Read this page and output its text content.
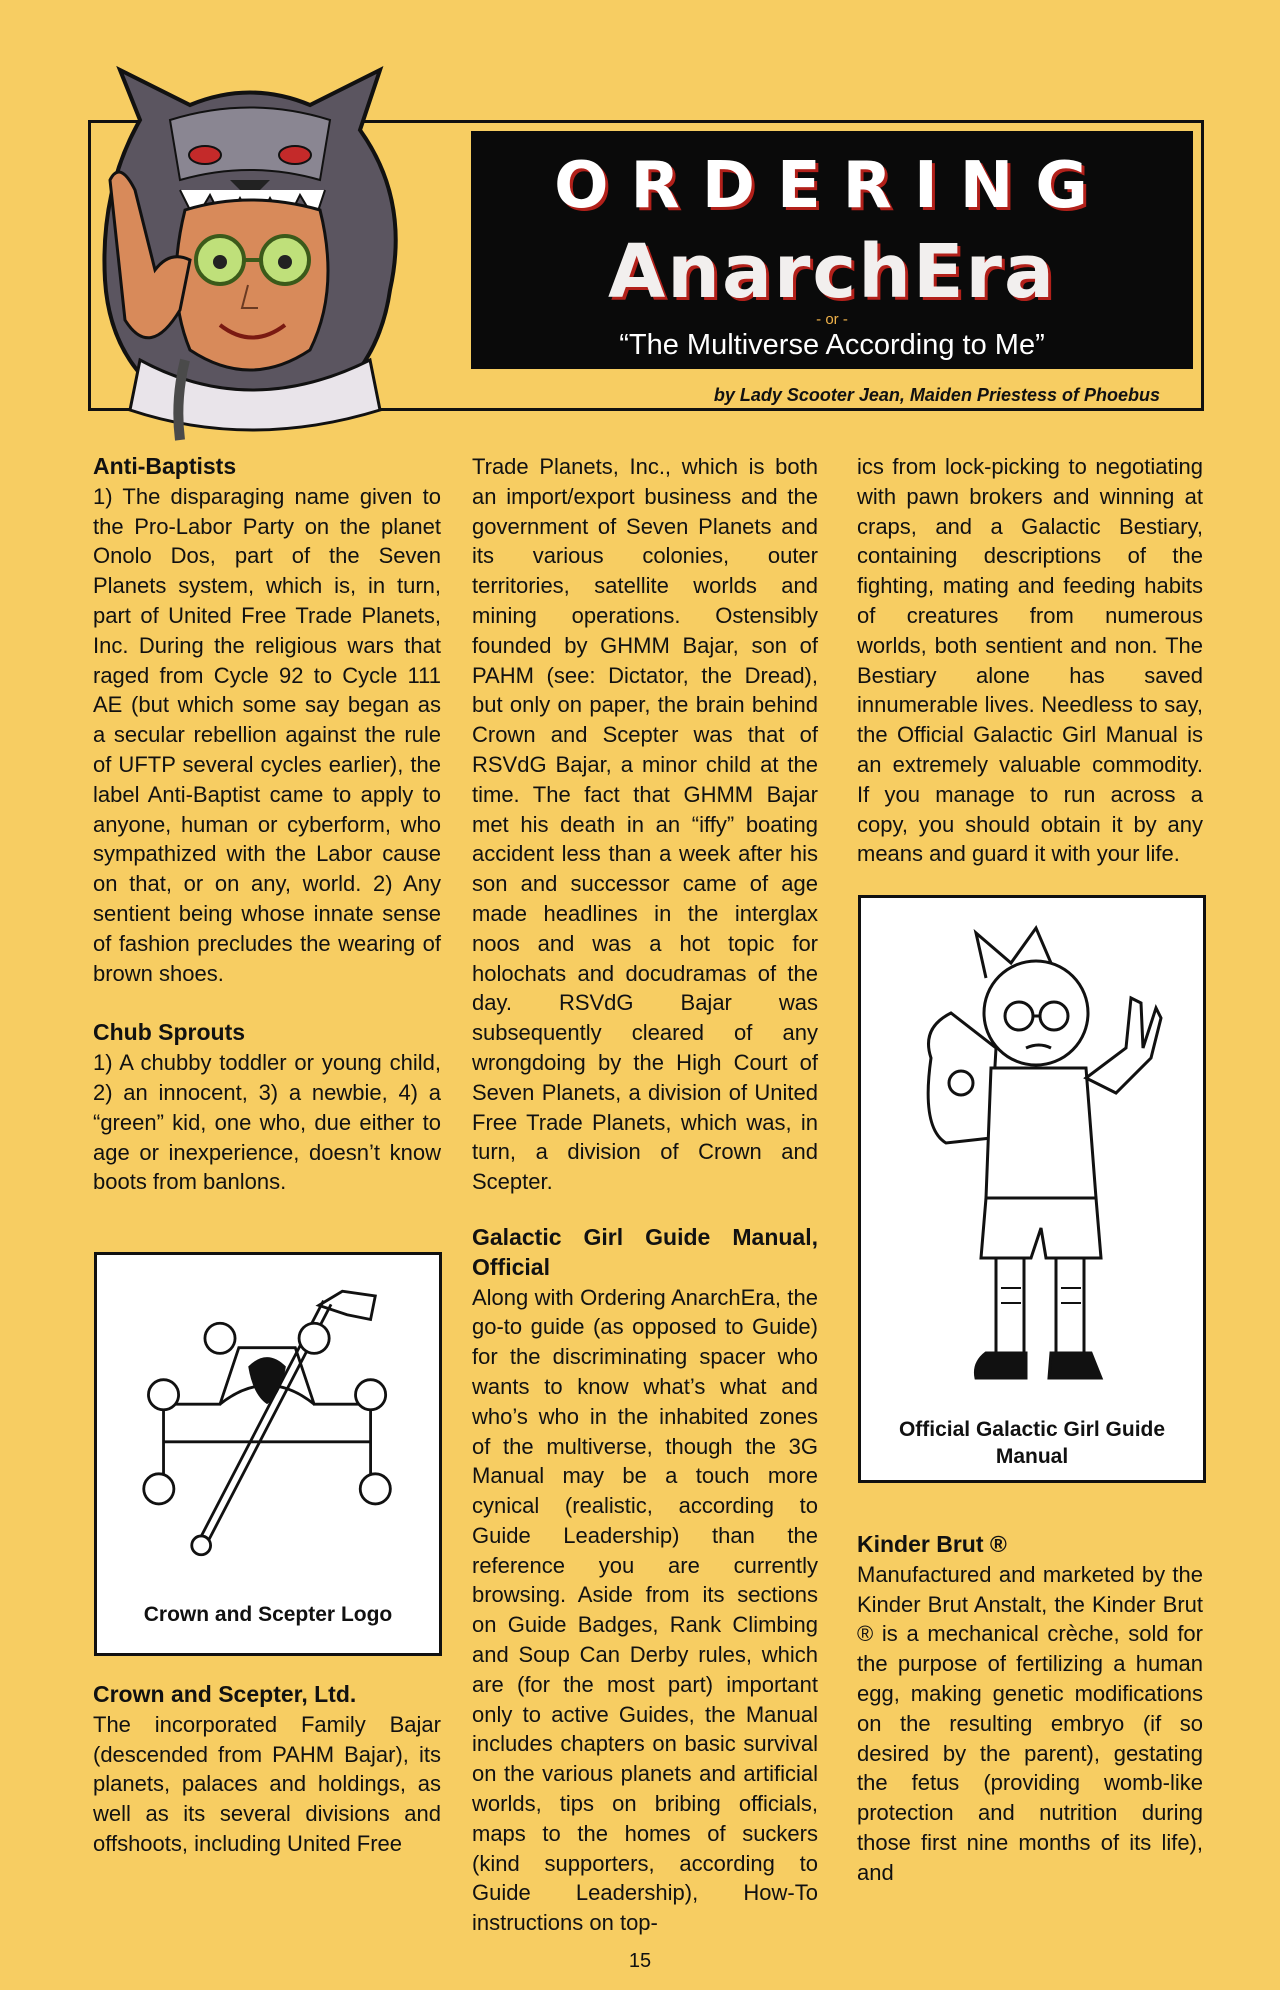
ORDERING
AnarchEra
- or -
“The Multiverse According to Me”
by Lady Scooter Jean, Maiden Priestess of Phoebus
Anti-Baptists

1) The disparaging name given to the Pro-Labor Party on the planet Onolo Dos, part of the Seven Planets system, which is, in turn, part of United Free Trade Planets, Inc. During the religious wars that raged from Cycle 92 to Cycle 111 AE (but which some say began as a secular rebellion against the rule of UFTP several cycles earlier), the label Anti-Baptist came to apply to anyone, human or cyberform, who sympathized with the Labor cause on that, or on any, world. 2) Any sentient being whose innate sense of fashion precludes the wearing of brown shoes.

Chub Sprouts

1) A chubby toddler or young child, 2) an innocent, 3) a newbie, 4) a “green” kid, one who, due either to age or inexperience, doesn’t know boots from banlons.

Crown and Scepter Logo
Crown and Scepter, Ltd.

The incorporated Family Bajar (descended from PAHM Bajar), its planets, palaces and holdings, as well as its several divisions and offshoots, including United Free

Trade Planets, Inc., which is both an import/export business and the government of Seven Planets and its various colonies, outer territories, satellite worlds and mining operations. Ostensibly founded by GHMM Bajar, son of PAHM (see: Dictator, the Dread), but only on paper, the brain behind Crown and Scepter was that of RSVdG Bajar, a minor child at the time. The fact that GHMM Bajar met his death in an “iffy” boating accident less than a week after his son and successor came of age made headlines in the interglax noos and was a hot topic for holochats and docudramas of the day. RSVdG Bajar was subsequently cleared of any wrongdoing by the High Court of Seven Planets, a division of United Free Trade Planets, which was, in turn, a division of Crown and Scepter.

Galactic Girl Guide Manual, Official

Along with Ordering AnarchEra, the go-to guide (as opposed to Guide) for the discriminating spacer who wants to know what’s what and who’s who in the inhabited zones of the multiverse, though the 3G Manual may be a touch more cynical (realistic, according to Guide Leadership) than the reference you are currently browsing. Aside from its sections on Guide Badges, Rank Climbing and Soup Can Derby rules, which are (for the most part) important only to active Guides, the Manual includes chapters on basic survival on the various planets and artificial worlds, tips on bribing officials, maps to the homes of suckers (kind supporters, according to Guide Leadership), How-To instructions on top-

ics from lock-picking to negotiating with pawn brokers and winning at craps, and a Galactic Bestiary, containing descriptions of the fighting, mating and feeding habits of creatures from numerous worlds, both sentient and non. The Bestiary alone has saved innumerable lives. Needless to say, the Official Galactic Girl Manual is an extremely valuable commodity. If you manage to run across a copy, you should obtain it by any means and guard it with your life.

Official Galactic Girl Guide Manual
Kinder Brut ®

Manufactured and marketed by the Kinder Brut Anstalt, the Kinder Brut ® is a mechanical crèche, sold for the purpose of fertilizing a human egg, making genetic modifications on the resulting embryo (if so desired by the parent), gestating the fetus (providing womb-like protection and nutrition during those first nine months of its life), and

15
